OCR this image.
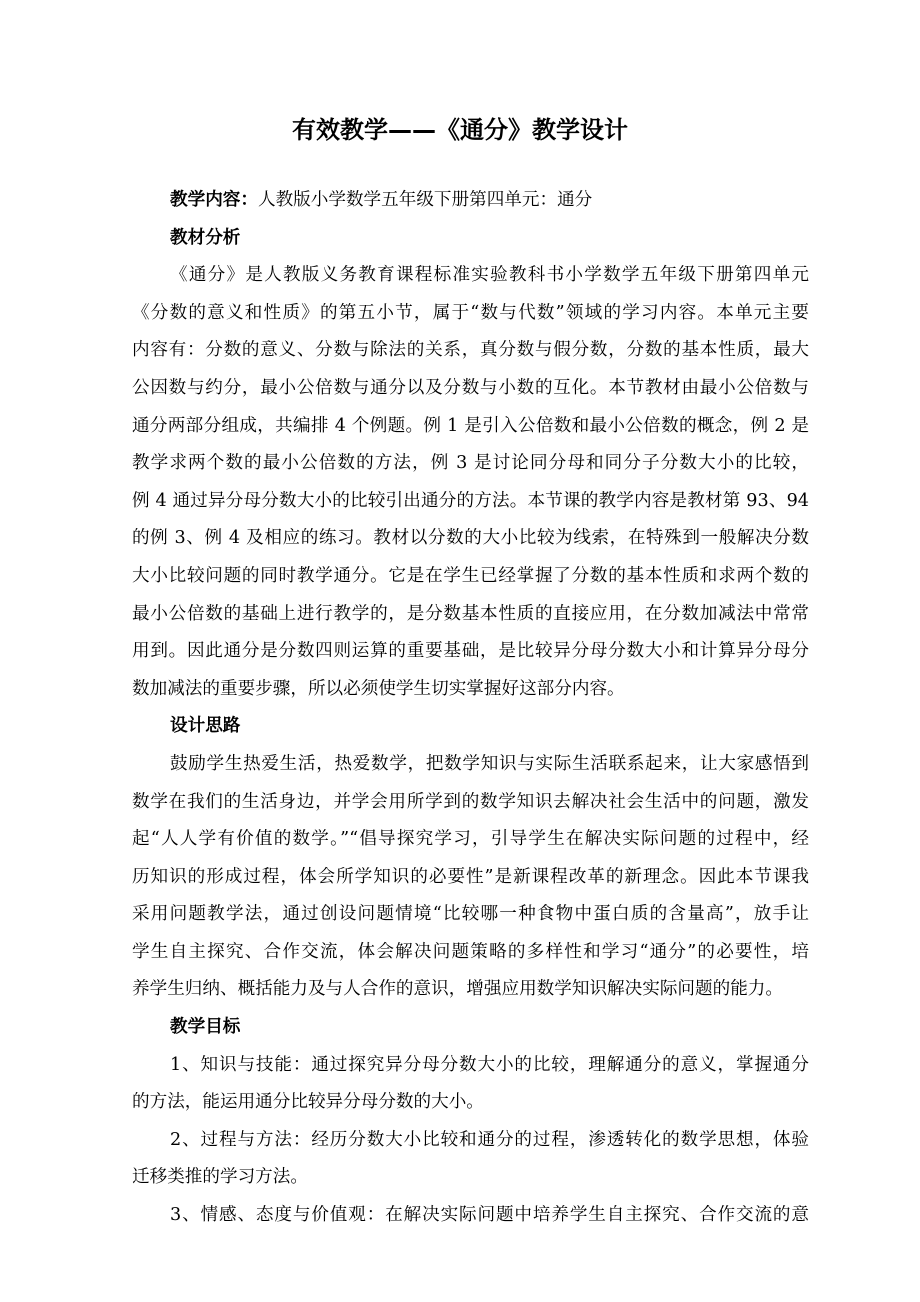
有效教学——《通分》教学设计
教学内容：人教版小学数学五年级下册第四单元：通分
教材分析
《通分》是人教版义务教育课程标准实验教科书小学数学五年级下册第四单元
《分数的意义和性质》的第五小节，属于“数与代数”领域的学习内容。本单元主要
内容有：分数的意义、分数与除法的关系，真分数与假分数，分数的基本性质，最大
公因数与约分，最小公倍数与通分以及分数与小数的互化。本节教材由最小公倍数与
通分两部分组成，共编排 4 个例题。例 1 是引入公倍数和最小公倍数的概念，例 2 是
教学求两个数的最小公倍数的方法，例 3 是讨论同分母和同分子分数大小的比较，
例 4 通过异分母分数大小的比较引出通分的方法。本节课的教学内容是教材第 93、94
的例 3、例 4 及相应的练习。教材以分数的大小比较为线索，在特殊到一般解决分数
大小比较问题的同时教学通分。它是在学生已经掌握了分数的基本性质和求两个数的
最小公倍数的基础上进行教学的，是分数基本性质的直接应用，在分数加减法中常常
用到。因此通分是分数四则运算的重要基础，是比较异分母分数大小和计算异分母分
数加减法的重要步骤，所以必须使学生切实掌握好这部分内容。
设计思路
鼓励学生热爱生活，热爱数学，把数学知识与实际生活联系起来，让大家感悟到
数学在我们的生活身边，并学会用所学到的数学知识去解决社会生活中的问题，激发
起“人人学有价值的数学。”“倡导探究学习，引导学生在解决实际问题的过程中，经
历知识的形成过程，体会所学知识的必要性”是新课程改革的新理念。因此本节课我
采用问题教学法，通过创设问题情境“比较哪一种食物中蛋白质的含量高”，放手让
学生自主探究、合作交流，体会解决问题策略的多样性和学习“通分”的必要性，培
养学生归纳、概括能力及与人合作的意识，增强应用数学知识解决实际问题的能力。
教学目标
1、知识与技能：通过探究异分母分数大小的比较，理解通分的意义，掌握通分
的方法，能运用通分比较异分母分数的大小。
2、过程与方法：经历分数大小比较和通分的过程，渗透转化的数学思想，体验
迁移类推的学习方法。
3、情感、态度与价值观：在解决实际问题中培养学生自主探究、合作交流的意
